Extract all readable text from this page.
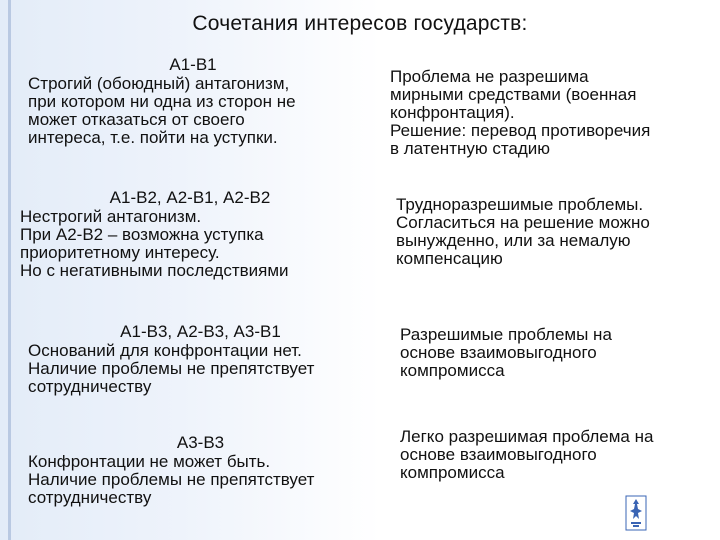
Сочетания интересов государств:
А1-В1
Строгий (обоюдный) антагонизм,
при котором ни одна из сторон не
может отказаться от своего
интереса, т.е. пойти на уступки.
Проблема не разрешима
мирными средствами (военная
конфронтация).
Решение: перевод противоречия
в латентную стадию
А1-В2, А2-В1, А2-В2
Нестрогий антагонизм.
При А2-В2 – возможна уступка
приоритетному интересу.
Но с негативными последствиями
Трудноразрешимые проблемы.
Согласиться на решение можно
вынужденно, или за немалую
компенсацию
А1-В3, А2-В3, А3-В1
Оснований для конфронтации нет.
Наличие проблемы не препятствует
сотрудничеству
Разрешимые проблемы на
основе взаимовыгодного
компромисса
А3-В3
Конфронтации не может быть.
Наличие проблемы не препятствует
сотрудничеству
Легко разрешимая проблема на
основе взаимовыгодного
компромисса
